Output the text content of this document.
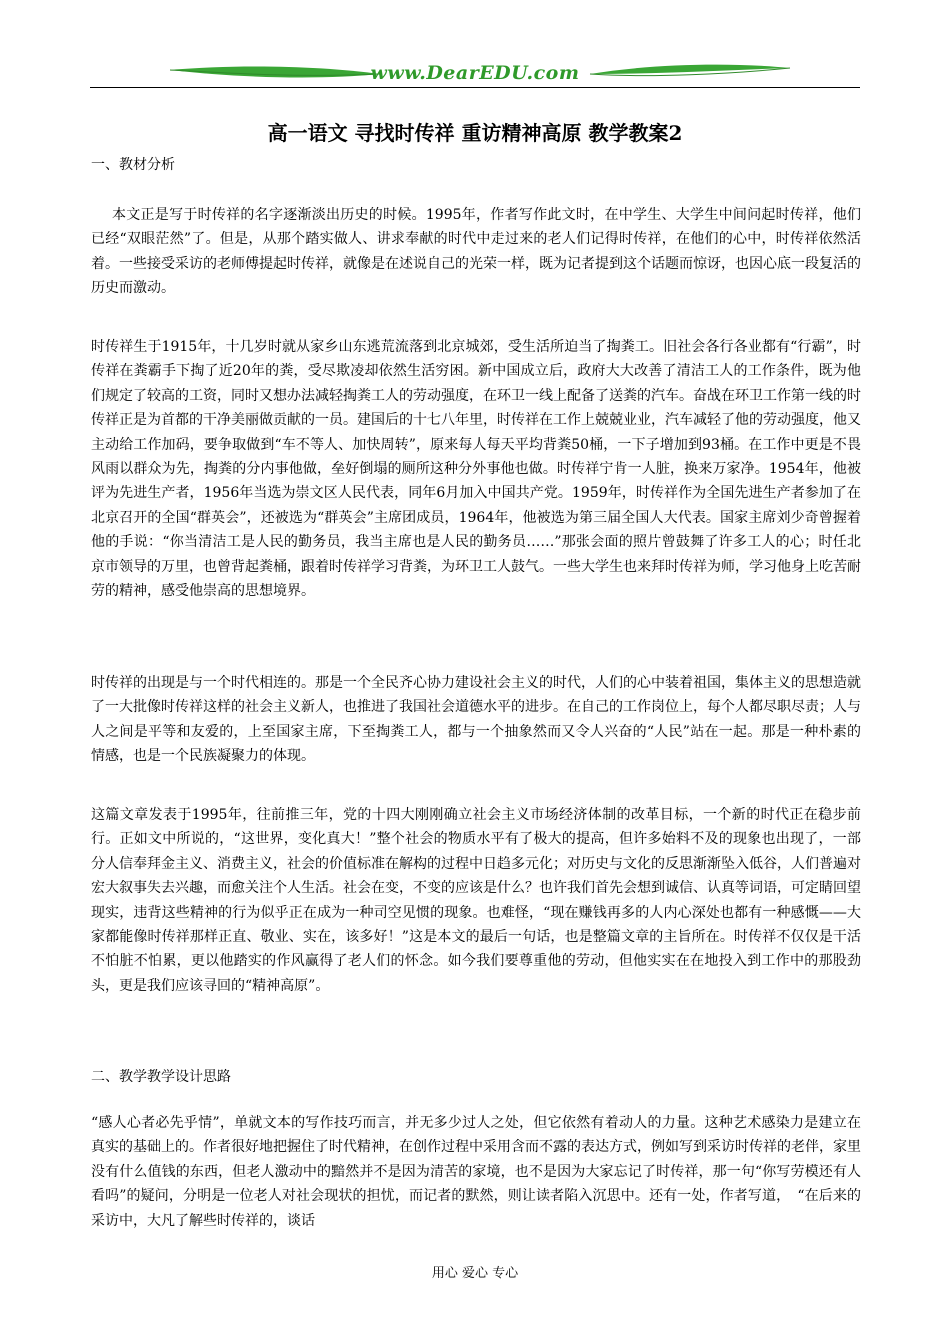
www.DearEDU.com
高一语文 寻找时传祥 重访精神高原 教学教案2
一、教材分析
本文正是写于时传祥的名字逐渐淡出历史的时候。1995年，作者写作此文时，在中学生、大学生中间问起时传祥，他们已经“双眼茫然”了。但是，从那个踏实做人、讲求奉献的时代中走过来的老人们记得时传祥，在他们的心中，时传祥依然活着。一些接受采访的老师傅提起时传祥，就像是在述说自己的光荣一样，既为记者提到这个话题而惊讶，也因心底一段复活的历史而激动。
时传祥生于1915年，十几岁时就从家乡山东逃荒流落到北京城郊，受生活所迫当了掏粪工。旧社会各行各业都有“行霸”，时传祥在粪霸手下掏了近20年的粪，受尽欺凌却依然生活穷困。新中国成立后，政府大大改善了清洁工人的工作条件，既为他们规定了较高的工资，同时又想办法减轻掏粪工人的劳动强度，在环卫一线上配备了送粪的汽车。奋战在环卫工作第一线的时传祥正是为首都的干净美丽做贡献的一员。建国后的十七八年里，时传祥在工作上兢兢业业，汽车减轻了他的劳动强度，他又主动给工作加码，要争取做到“车不等人、加快周转”，原来每人每天平均背粪50桶，一下子增加到93桶。在工作中更是不畏风雨以群众为先，掏粪的分内事他做，垒好倒塌的厕所这种分外事他也做。时传祥宁肯一人脏，换来万家净。1954年，他被评为先进生产者，1956年当选为崇文区人民代表，同年6月加入中国共产党。1959年，时传祥作为全国先进生产者参加了在北京召开的全国“群英会”，还被选为“群英会”主席团成员，1964年，他被选为第三届全国人大代表。国家主席刘少奇曾握着他的手说：“你当清洁工是人民的勤务员，我当主席也是人民的勤务员……”那张会面的照片曾鼓舞了许多工人的心；时任北京市领导的万里，也曾背起粪桶，跟着时传祥学习背粪，为环卫工人鼓气。一些大学生也来拜时传祥为师，学习他身上吃苦耐劳的精神，感受他崇高的思想境界。
时传祥的出现是与一个时代相连的。那是一个全民齐心协力建设社会主义的时代，人们的心中装着祖国，集体主义的思想造就了一大批像时传祥这样的社会主义新人，也推进了我国社会道德水平的进步。在自己的工作岗位上，每个人都尽职尽责；人与人之间是平等和友爱的，上至国家主席，下至掏粪工人，都与一个抽象然而又令人兴奋的“人民”站在一起。那是一种朴素的情感，也是一个民族凝聚力的体现。
这篇文章发表于1995年，往前推三年，党的十四大刚刚确立社会主义市场经济体制的改革目标，一个新的时代正在稳步前行。正如文中所说的，“这世界，变化真大！”整个社会的物质水平有了极大的提高，但许多始料不及的现象也出现了，一部分人信奉拜金主义、消费主义，社会的价值标准在解构的过程中日趋多元化；对历史与文化的反思渐渐坠入低谷，人们普遍对宏大叙事失去兴趣，而愈关注个人生活。社会在变，不变的应该是什么？也许我们首先会想到诚信、认真等词语，可定睛回望现实，违背这些精神的行为似乎正在成为一种司空见惯的现象。也难怪，“现在赚钱再多的人内心深处也都有一种感慨——大家都能像时传祥那样正直、敬业、实在，该多好！”这是本文的最后一句话，也是整篇文章的主旨所在。时传祥不仅仅是干活不怕脏不怕累，更以他踏实的作风赢得了老人们的怀念。如今我们要尊重他的劳动，但他实实在在地投入到工作中的那股劲头，更是我们应该寻回的“精神高原”。
二、教学教学设计思路
“感人心者必先乎情”，单就文本的写作技巧而言，并无多少过人之处，但它依然有着动人的力量。这种艺术感染力是建立在真实的基础上的。作者很好地把握住了时代精神，在创作过程中采用含而不露的表达方式，例如写到采访时传祥的老伴，家里没有什么值钱的东西，但老人激动中的黯然并不是因为清苦的家境，也不是因为大家忘记了时传祥，那一句“你写劳模还有人看吗”的疑问，分明是一位老人对社会现状的担忧，而记者的默然，则让读者陷入沉思中。还有一处，作者写道，　“在后来的采访中，大凡了解些时传祥的，谈话
用心 爱心 专心
